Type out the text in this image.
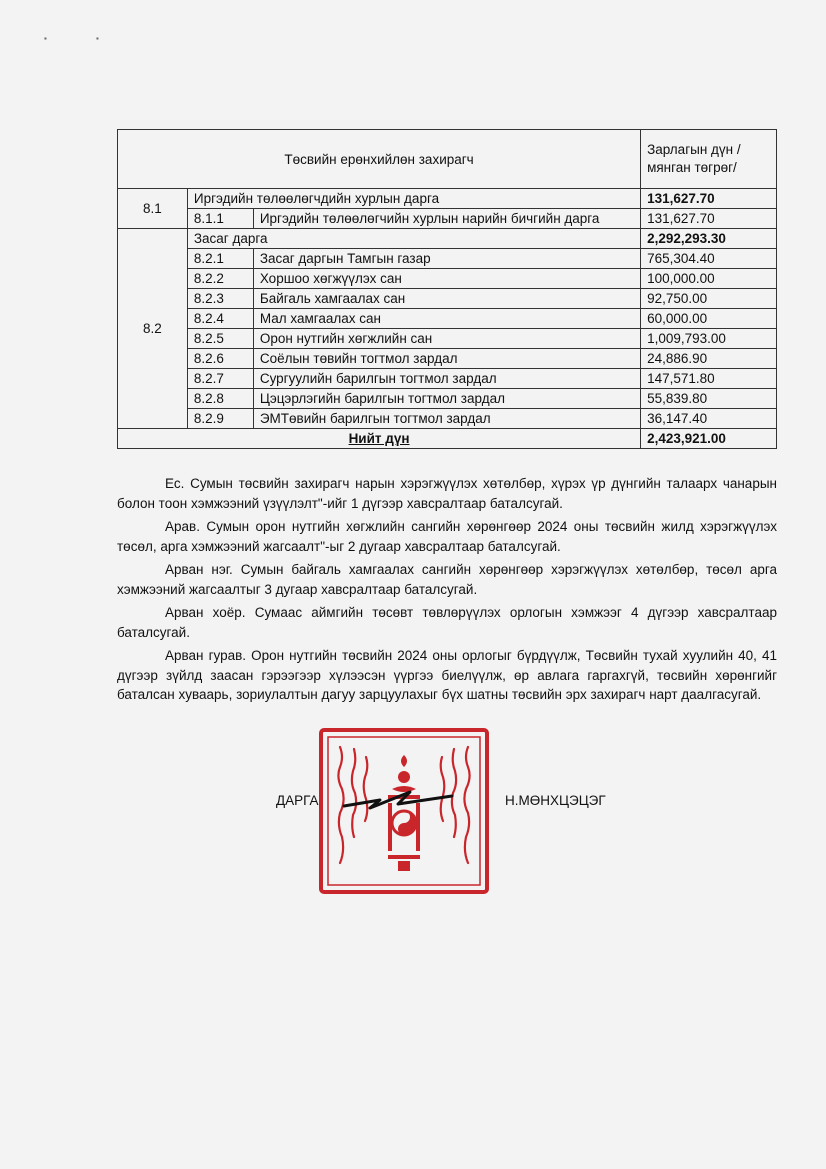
▪	▪
Төсвийн ерөнхийлөн захирагч			Зарлагын дүн /мянган төгрөг/
8.1	Иргэдийн төлөөлөгчдийн хурлын дарга		131,627.70
	8.1.1	Иргэдийн төлөөлөгчийн хурлын нарийн бичгийн дарга	131,627.70
8.2	Засаг дарга		2,292,293.30
	8.2.1	Засаг даргын Тамгын газар	765,304.40
	8.2.2	Хоршоо хөгжүүлэх сан	100,000.00
	8.2.3	Байгаль хамгаалах сан	92,750.00
	8.2.4	Мал хамгаалах сан	60,000.00
	8.2.5	Орон нутгийн хөгжлийн сан	1,009,793.00
	8.2.6	Соёлын төвийн тогтмол зардал	24,886.90
	8.2.7	Сургуулийн барилгын тогтмол зардал	147,571.80
	8.2.8	Цэцэрлэгийн барилгын тогтмол зардал	55,839.80
	8.2.9	ЭМТөвийн барилгын тогтмол зардал	36,147.40
Нийт дүн			2,423,921.00

Ес. Сумын төсвийн захирагч нарын хэрэгжүүлэх хөтөлбөр, хүрэх үр дүнгийн талаарх чанарын болон тоон хэмжээний үзүүлэлт"-ийг 1 дүгээр хавсралтаар баталсугай.

Арав. Сумын орон нутгийн хөгжлийн сангийн хөрөнгөөр 2024 оны төсвийн жилд хэрэгжүүлэх төсөл, арга хэмжээний жагсаалт"-ыг 2 дугаар хавсралтаар баталсугай.

Арван нэг. Сумын байгаль хамгаалах сангийн хөрөнгөөр хэрэгжүүлэх хөтөлбөр, төсөл арга хэмжээний жагсаалтыг 3 дугаар хавсралтаар баталсугай.

Арван хоёр. Сумаас аймгийн төсөвт төвлөрүүлэх орлогын хэмжээг 4 дүгээр хавсралтаар баталсугай.

Арван гурав. Орон нутгийн төсвийн 2024 оны орлогыг бүрдүүлж, Төсвийн тухай хуулийн 40, 41 дүгээр зүйлд заасан гэрээгээр хүлээсэн үүргээ биелүүлж, өр авлага гаргахгүй, төсвийн хөрөнгийг баталсан хуваарь, зориулалтын дагуу зарцуулахыг бүх шатны төсвийн эрх захирагч нарт даалгасугай.

ДАРГА	Н.МӨНХЦЭЦЭГ
